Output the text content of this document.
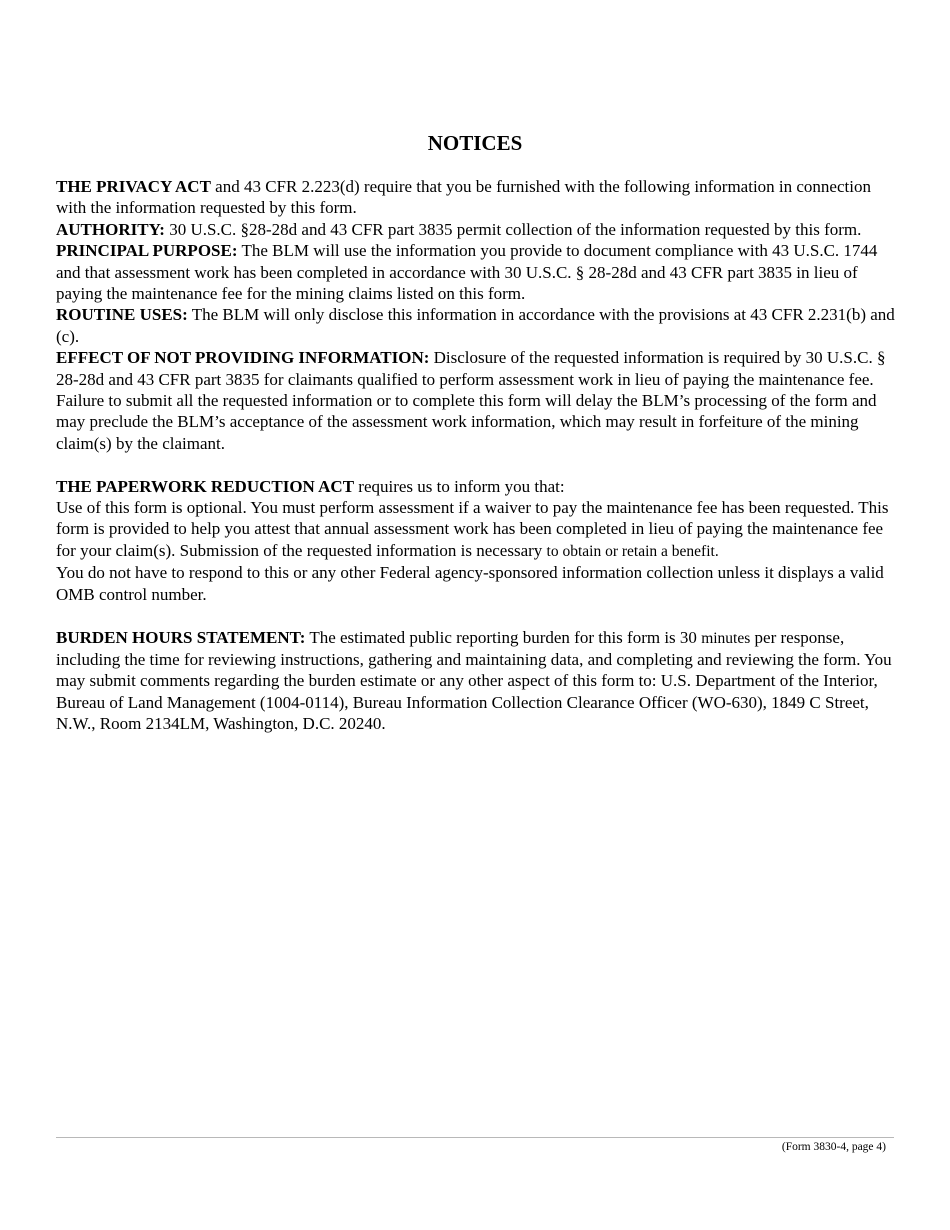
NOTICES

THE PRIVACY ACT and 43 CFR 2.223(d) require that you be furnished with the following information in connection with the information requested by this form.

AUTHORITY: 30 U.S.C. §28-28d and 43 CFR part 3835 permit collection of the information requested by this form.

PRINCIPAL PURPOSE: The BLM will use the information you provide to document compliance with 43 U.S.C. 1744 and that assessment work has been completed in accordance with 30 U.S.C. § 28-28d and 43 CFR part 3835 in lieu of paying the maintenance fee for the mining claims listed on this form.

ROUTINE USES: The BLM will only disclose this information in accordance with the provisions at 43 CFR 2.231(b) and (c).

EFFECT OF NOT PROVIDING INFORMATION: Disclosure of the requested information is required by 30 U.S.C. § 28-28d and 43 CFR part 3835 for claimants qualified to perform assessment work in lieu of paying the maintenance fee. Failure to submit all the requested information or to complete this form will delay the BLM’s processing of the form and may preclude the BLM’s acceptance of the assessment work information, which may result in forfeiture of the mining claim(s) by the claimant.

THE PAPERWORK REDUCTION ACT requires us to inform you that:

Use of this form is optional. You must perform assessment if a waiver to pay the maintenance fee has been requested. This form is provided to help you attest that annual assessment work has been completed in lieu of paying the maintenance fee for your claim(s). Submission of the requested information is necessary to obtain or retain a benefit.

You do not have to respond to this or any other Federal agency-sponsored information collection unless it displays a valid OMB control number.

BURDEN HOURS STATEMENT: The estimated public reporting burden for this form is 30 minutes per response, including the time for reviewing instructions, gathering and maintaining data, and completing and reviewing the form. You may submit comments regarding the burden estimate or any other aspect of this form to: U.S. Department of the Interior, Bureau of Land Management (1004-0114), Bureau Information Collection Clearance Officer (WO-630), 1849 C Street, N.W., Room 2134LM, Washington, D.C. 20240.

(Form 3830-4, page 4)
